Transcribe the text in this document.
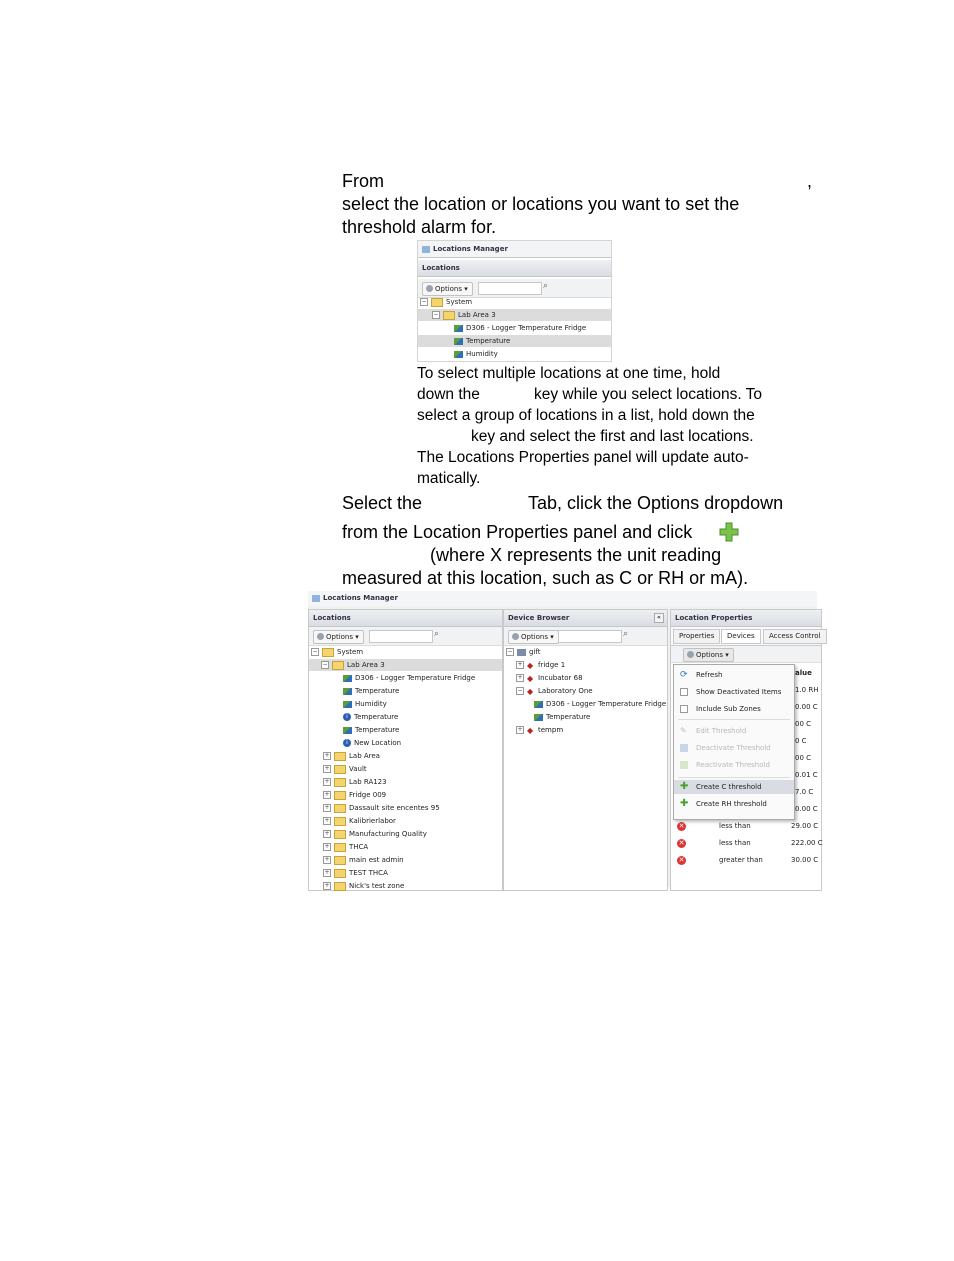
From	,
select the location or locations you want to set the
threshold alarm for.
Locations Manager
Locations
Options ▾	⌕
−	System
−	Lab Area 3
D306 - Logger Temperature Fridge
Temperature
Humidity
To select multiple locations at one time, hold
down the	key while you select locations. To
select a group of locations in a list, hold down the
key and select the first and last locations.
The Locations Properties panel will update auto-
matically.
Select the	Tab, click the Options dropdown
from the Location Properties panel and click
(where X represents the unit reading
measured at this location, such as C or RH or mA).
Locations Manager
Locations
Options ▾	⌕
−	System
−	Lab Area 3
D306 - Logger Temperature Fridge
Temperature
Humidity
i Temperature
Temperature
i New Location
+	Lab Area
+	Vault
+	Lab RA123
+	Fridge 009
+	Dassault site encentes 95
+	Kalibrierlabor
+	Manufacturing Quality
+	THCA
+	main est admin
+	TEST THCA
+	Nick's test zone
Device Browser	«
Options ▾	⌕
− gift
+ ◆ fridge 1
+ ◆ Incubator 68
− ◆ Laboratory One
D306 - Logger Temperature Fridge
Temperature
+ ◆ tempm
Location Properties
Properties	Devices	Access Control
Options ▾
alue
1.0 RH
0.00 C
00 C
0 C
00 C
0.01 C
7.0 C
0.00 C
✕	less than	29.00 C
✕	less than	222.00 C
✕	greater than	30.00 C
⟳ Refresh
Show Deactivated Items
Include Sub Zones
✎ Edit Threshold
Deactivate Threshold
Reactivate Threshold
✚ Create C threshold
✚ Create RH threshold
